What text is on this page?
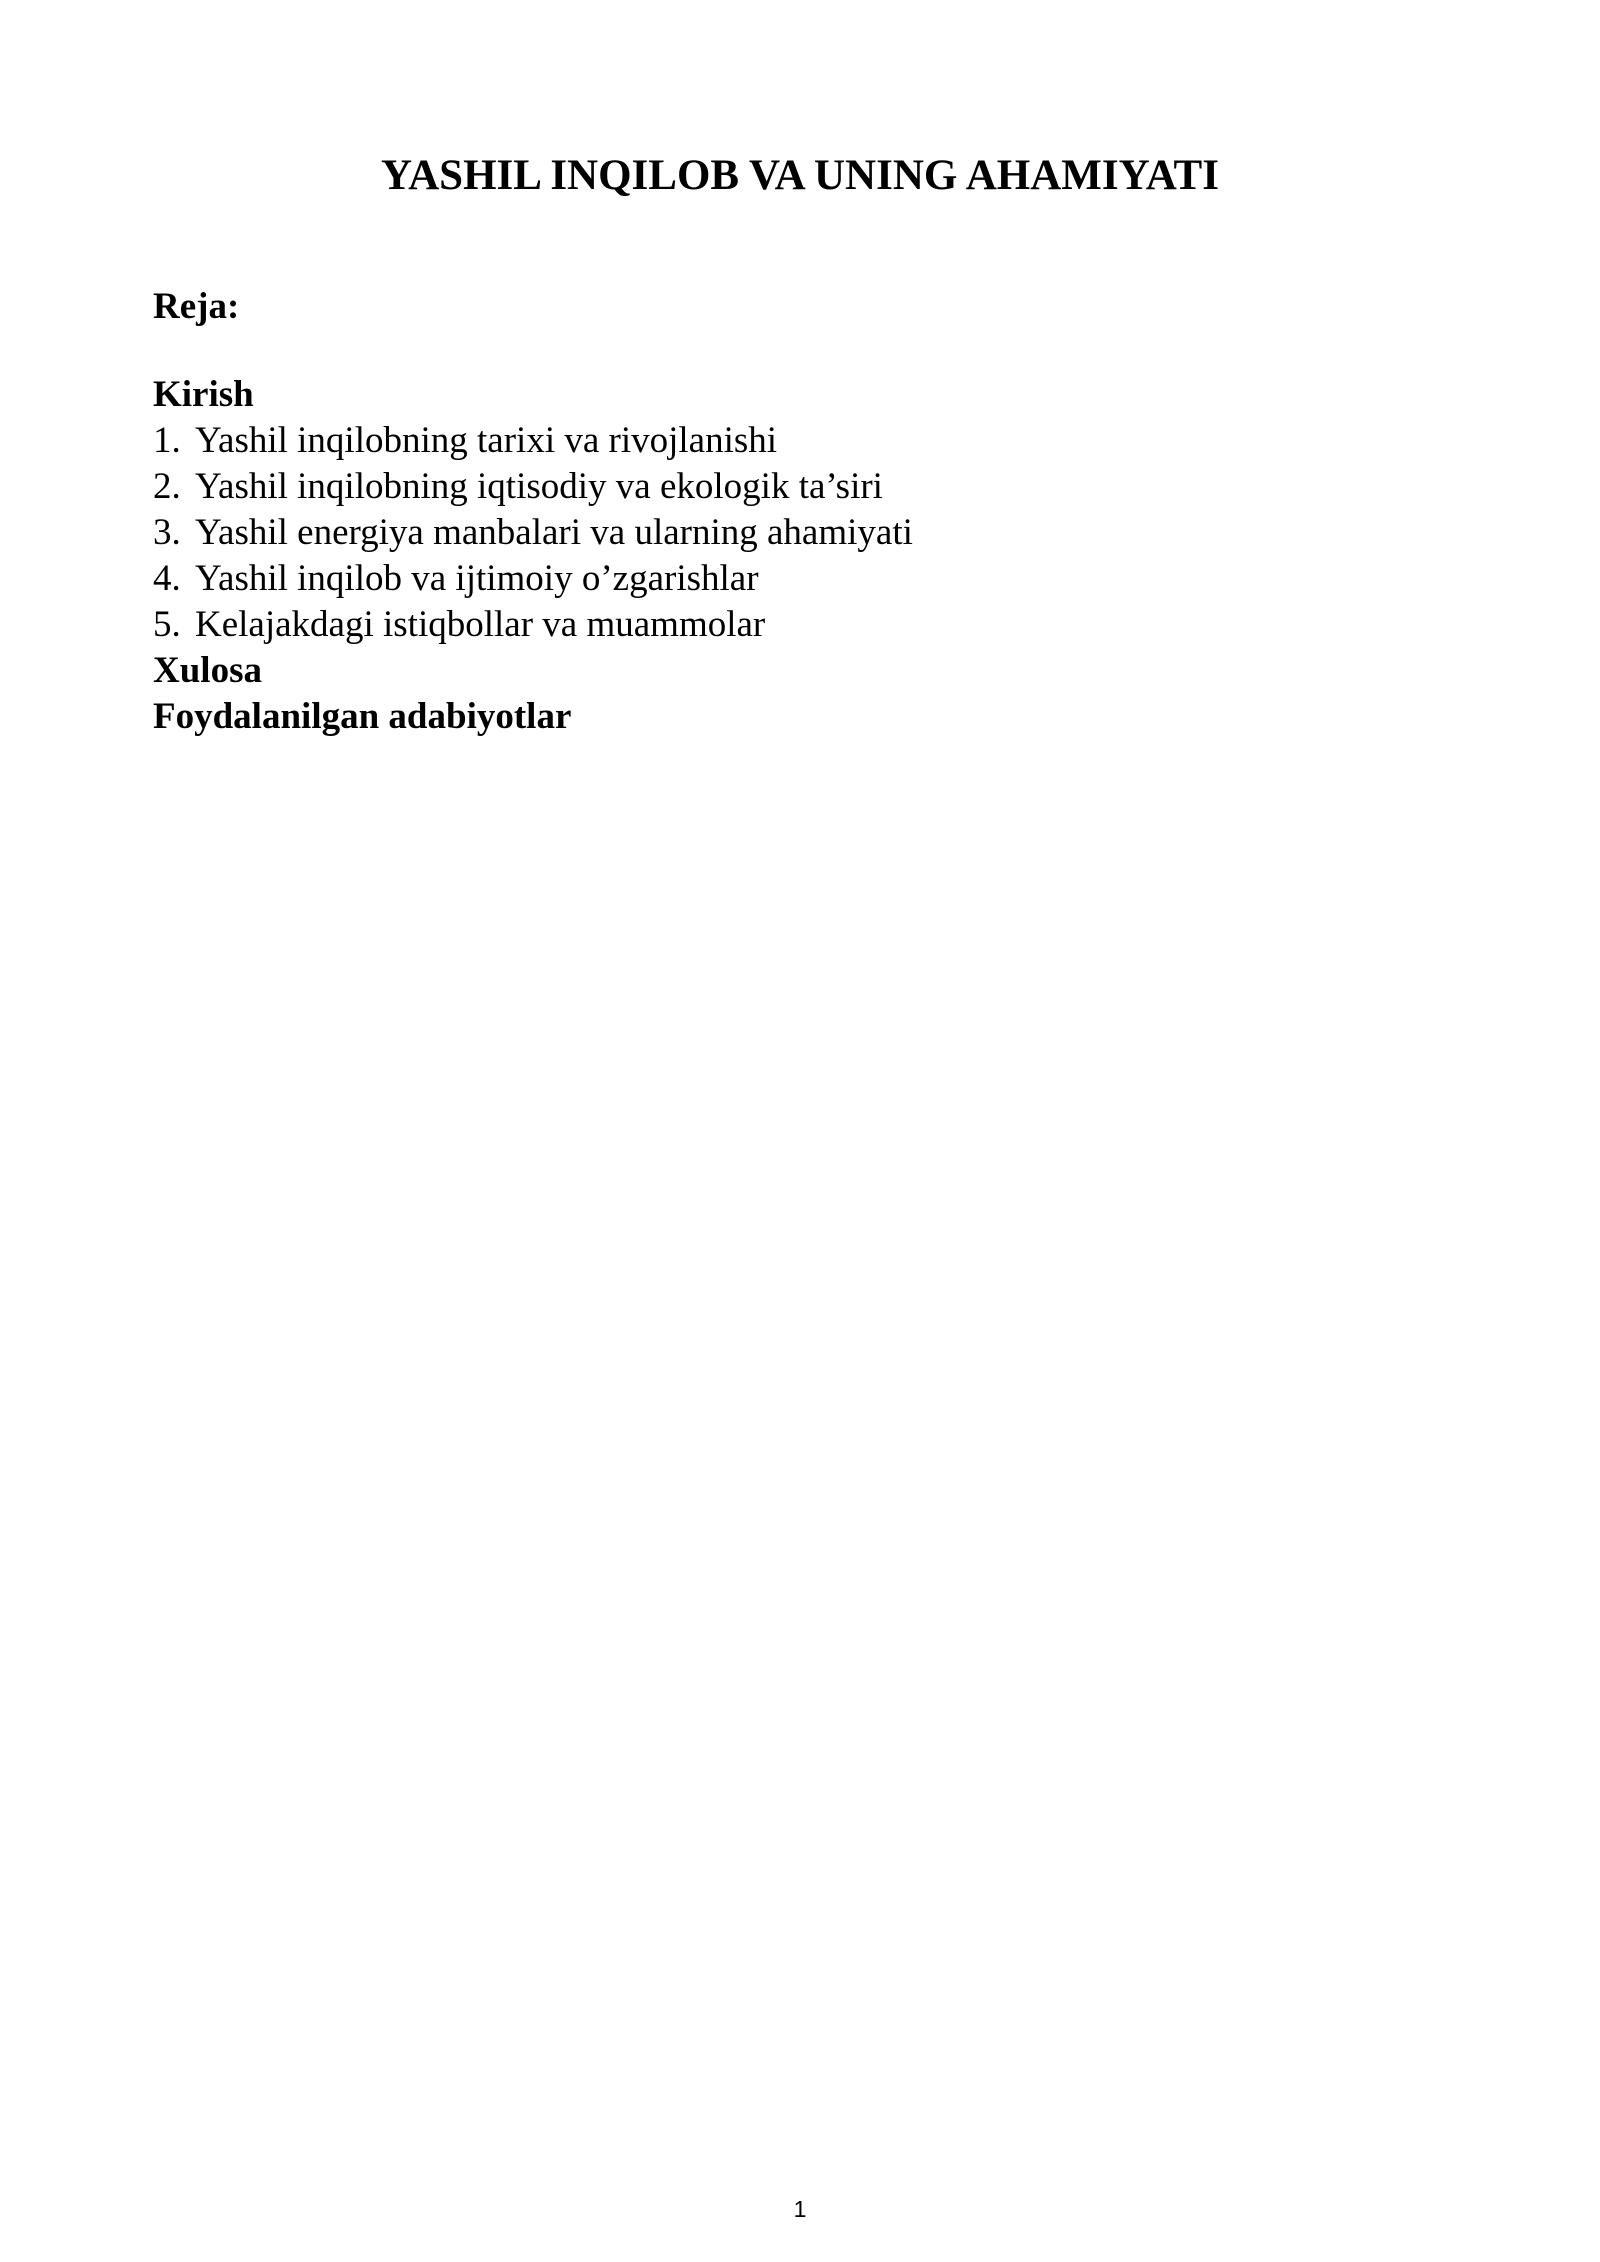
YASHIL INQILOB VA UNING AHAMIYATI

Reja:

Kirish

1. Yashil inqilobning tarixi va rivojlanishi
2. Yashil inqilobning iqtisodiy va ekologik ta’siri
3. Yashil energiya manbalari va ularning ahamiyati
4. Yashil inqilob va ijtimoiy o’zgarishlar
5. Kelajakdagi istiqbollar va muammolar

Xulosa

Foydalanilgan adabiyotlar

1
